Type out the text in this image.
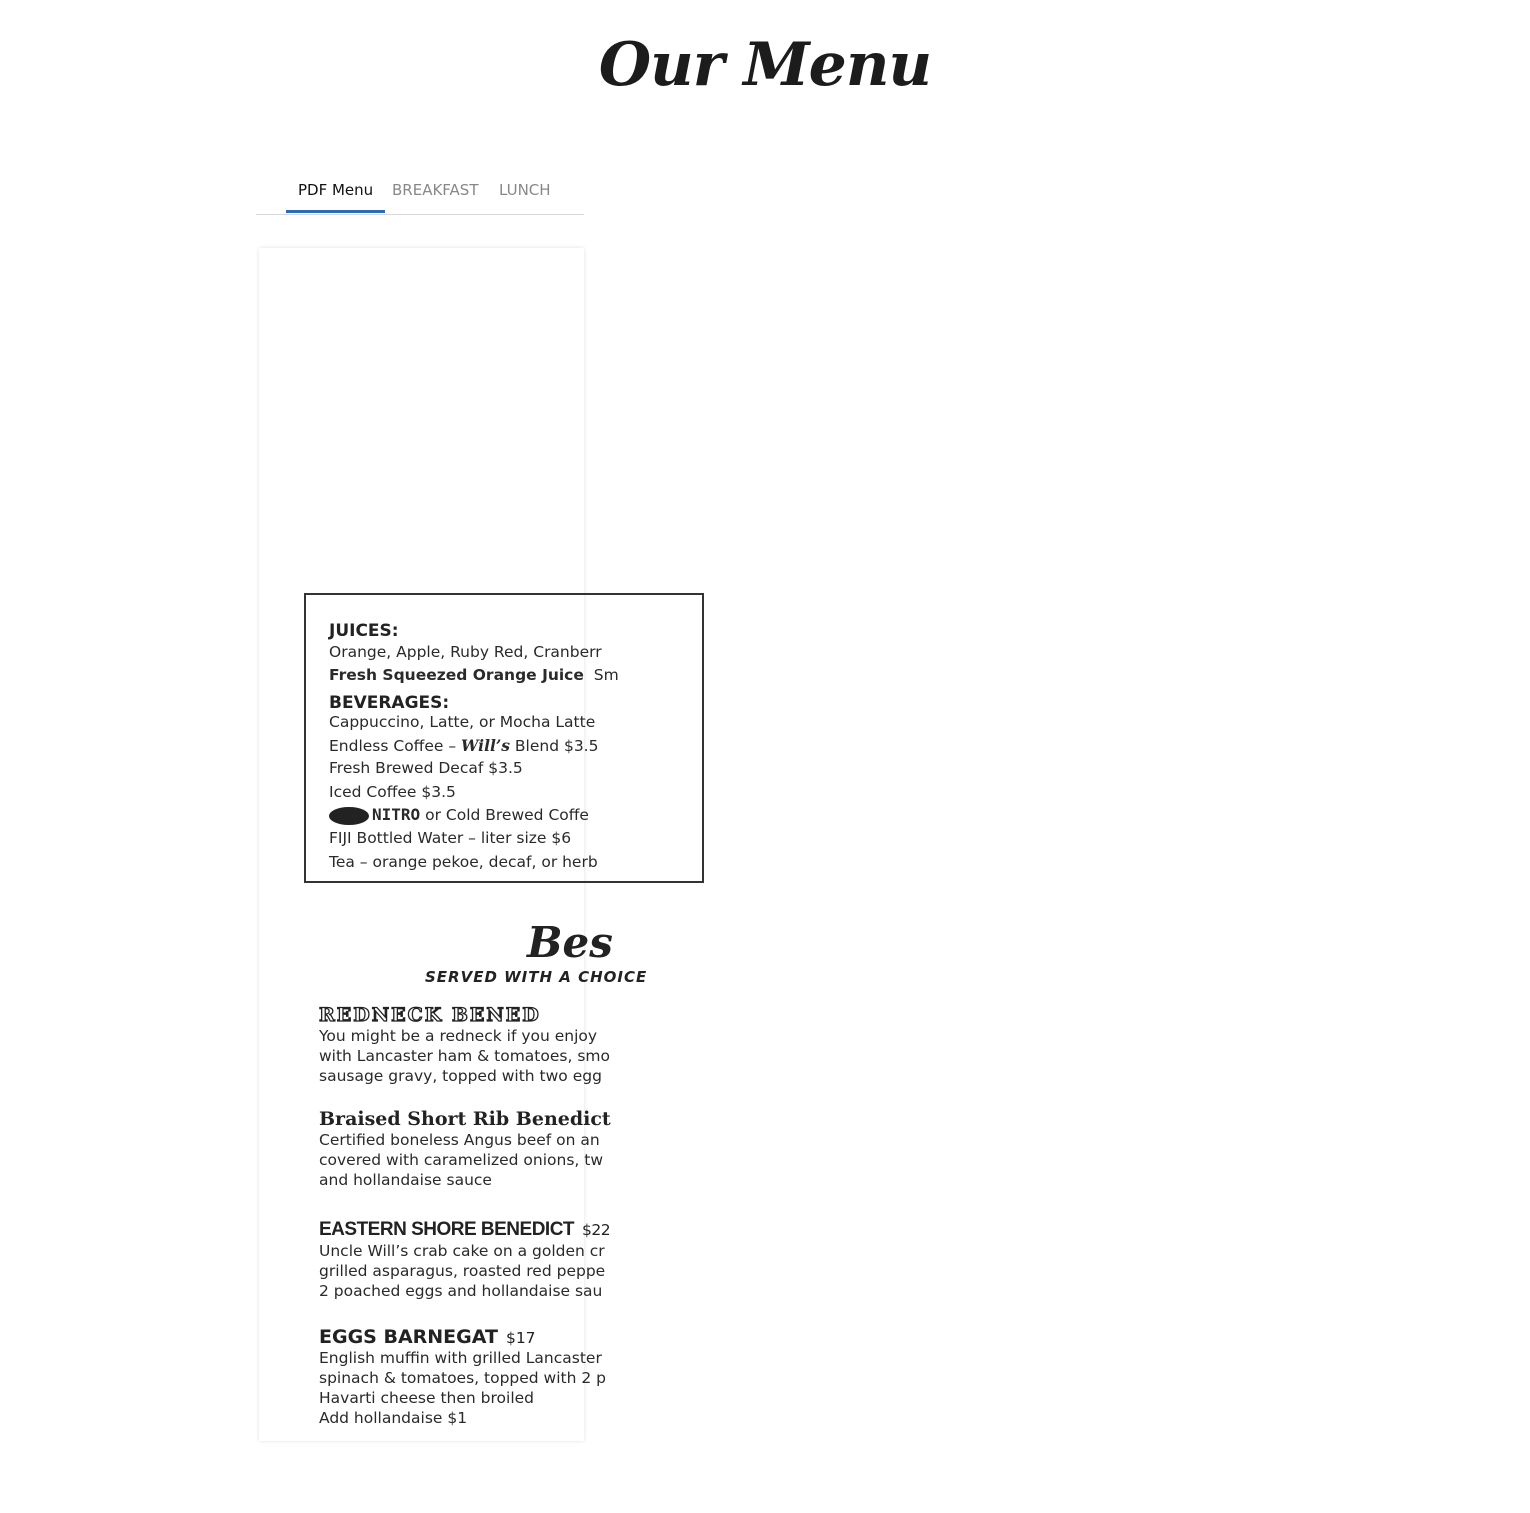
Our Menu
PDF Menu	BREAKFAST LUNCH
JUICES:
Orange, Apple, Ruby Red, Cranberr
Fresh Squeezed Orange Juice Sm
BEVERAGES:
Cappuccino, Latte, or Mocha Latte
Endless Coffee – Will’s Blend $3.5
Fresh Brewed Decaf $3.5
Iced Coffee $3.5
NITRO or Cold Brewed Coffe
FIJI Bottled Water – liter size $6
Tea – orange pekoe, decaf, or herb
Bes
SERVED WITH A CHOICE
REDNECK BENED
You might be a redneck if you enjoy
with Lancaster ham & tomatoes, smo
sausage gravy, topped with two egg
Braised Short Rib Benedict
Certified boneless Angus beef on an
covered with caramelized onions, tw
and hollandaise sauce
EASTERN SHORE BENEDICT $22
Uncle Will’s crab cake on a golden cr
grilled asparagus, roasted red peppe
2 poached eggs and hollandaise sau
EGGS BARNEGAT $17
English muffin with grilled Lancaster
spinach & tomatoes, topped with 2 p
Havarti cheese then broiled
Add hollandaise $1
